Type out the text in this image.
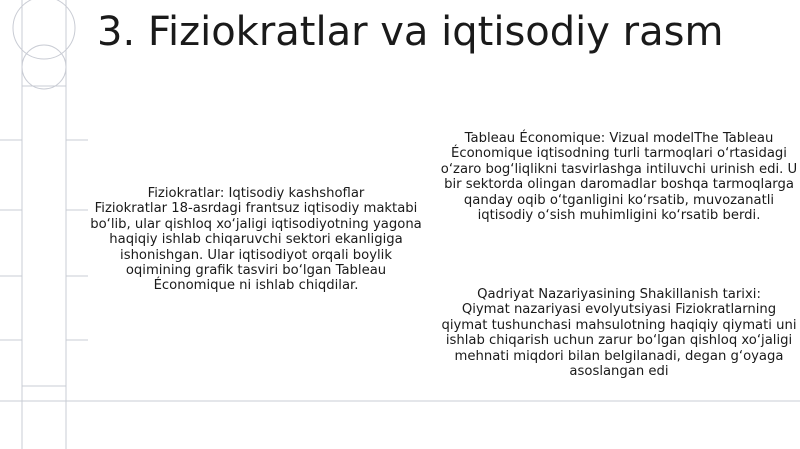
3. Fiziokratlar va iqtisodiy rasm

Fiziokratlar: Iqtisodiy kashshoflar

Fiziokratlar 18-asrdagi frantsuz iqtisodiy maktabi bo‘lib, ular qishloq xo‘jaligi iqtisodiyotning yagona haqiqiy ishlab chiqaruvchi sektori ekanligiga ishonishgan. Ular iqtisodiyot orqali boylik oqimining grafik tasviri bo‘lgan Tableau Économique ni ishlab chiqdilar.

Tableau Économique: Vizual modelThe Tableau Économique iqtisodning turli tarmoqlari o‘rtasidagi o‘zaro bog‘liqlikni tasvirlashga intiluvchi urinish edi. U bir sektorda olingan daromadlar boshqa tarmoqlarga qanday oqib o‘tganligini ko‘rsatib, muvozanatli iqtisodiy o‘sish muhimligini ko‘rsatib berdi.

Qadriyat Nazariyasining Shakillanish tarixi:

Qiymat nazariyasi evolyutsiyasi Fiziokratlarning qiymat tushunchasi mahsulotning haqiqiy qiymati uni ishlab chiqarish uchun zarur bo‘lgan qishloq xo‘jaligi mehnati miqdori bilan belgilanadi, degan g‘oyaga asoslangan edi
